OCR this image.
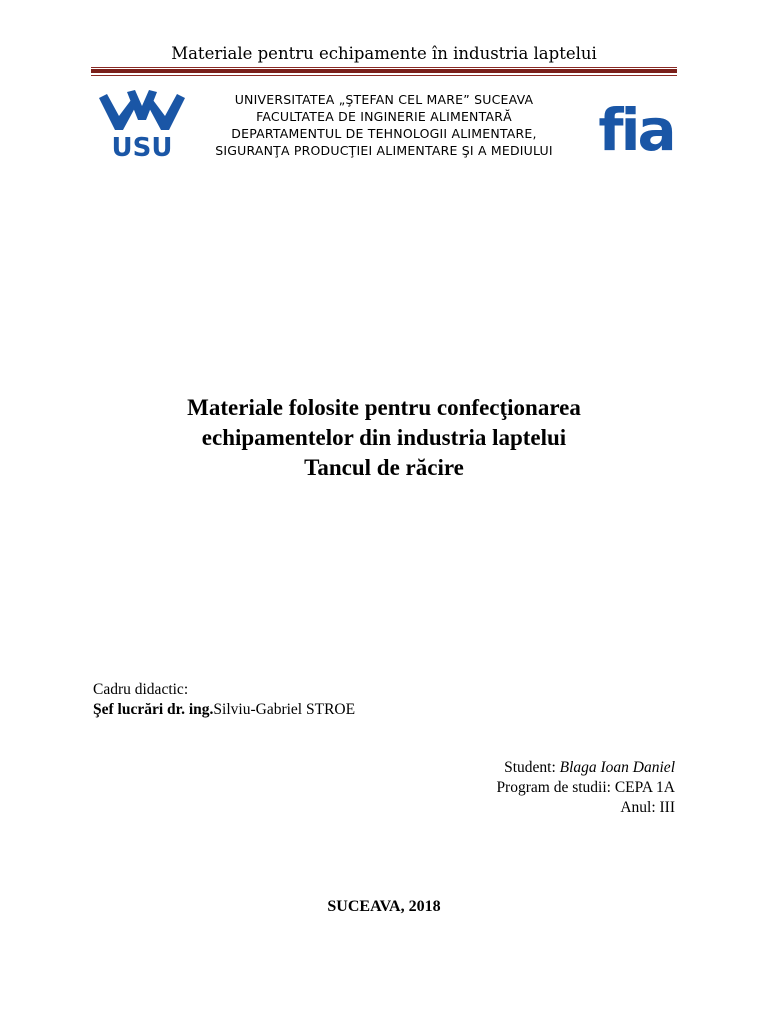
Materiale pentru echipamente în industria laptelui
USU
UNIVERSITATEA „ŞTEFAN CEL MARE” SUCEAVA
FACULTATEA DE INGINERIE ALIMENTARĂ
DEPARTAMENTUL DE TEHNOLOGII ALIMENTARE,
SIGURANŢA PRODUCŢIEI ALIMENTARE ŞI A MEDIULUI fia
Materiale folosite pentru confecţionarea
echipamentelor din industria laptelui
Tancul de răcire
Cadru didactic:
Şef lucrări dr. ing.Silviu-Gabriel STROE
Student: Blaga Ioan Daniel
Program de studii: CEPA 1A
Anul: III
SUCEAVA, 2018
